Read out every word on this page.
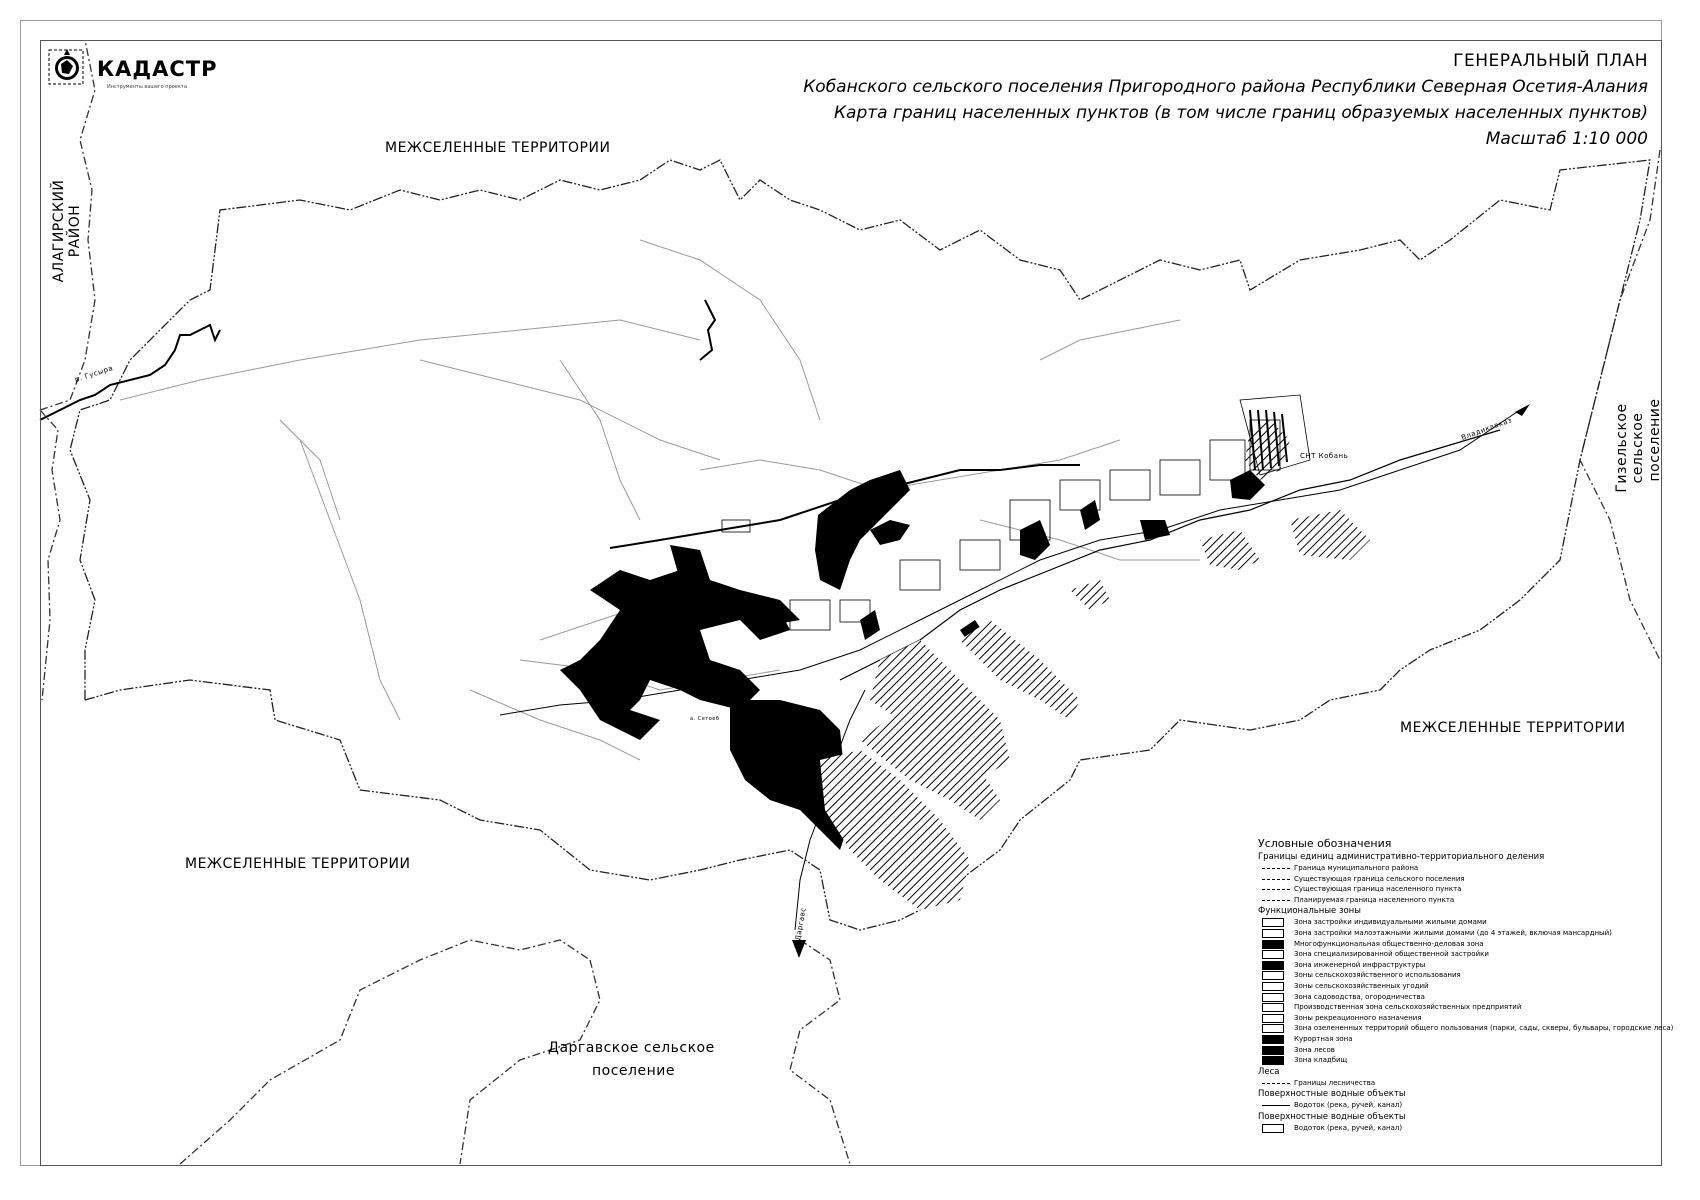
КАДАСТР
Инструменты вашего проекта
ГЕНЕРАЛЬНЫЙ ПЛАН
Кобанского сельского поселения Пригородного района Республики Северная Осетия-Алания
Карта границ населенных пунктов (в том числе границ образуемых населенных пунктов)
Масштаб 1:10 000
МЕЖСЕЛЕННЫЕ ТЕРРИТОРИИ
МЕЖСЕЛЕННЫЕ ТЕРРИТОРИИ
МЕЖСЕЛЕННЫЕ ТЕРРИТОРИИ
АЛАГИРСКИЙ РАЙОН
Гизельское сельское поселение
Даргавское сельское
поселение
р. Гусыра
СНТ Кобань
Владикавказ
Даргавс
а. Сетоеб
Условные обозначения
Границы единиц административно-территориального деления
Граница муниципального района
Существующая граница сельского поселения
Существующая граница населенного пункта
Планируемая граница населенного пункта
Функциональные зоны
Зона застройки индивидуальными жилыми домами
Зона застройки малоэтажными жилыми домами (до 4 этажей, включая мансардный)
Многофункциональная общественно-деловая зона
Зона специализированной общественной застройки
Зона инженерной инфраструктуры
Зоны сельскохозяйственного использования
Зоны сельскохозяйственных угодий
Зона садоводства, огородничества
Производственная зона сельскохозяйственных предприятий
Зоны рекреационного назначения
Зона озелененных территорий общего пользования (парки, сады, скверы, бульвары, городские леса)
Курортная зона
Зона лесов
Зона кладбищ
Леса
Границы лесничества
Поверхностные водные объекты
Водоток (река, ручей, канал)
Поверхностные водные объекты
Водоток (река, ручей, канал)
